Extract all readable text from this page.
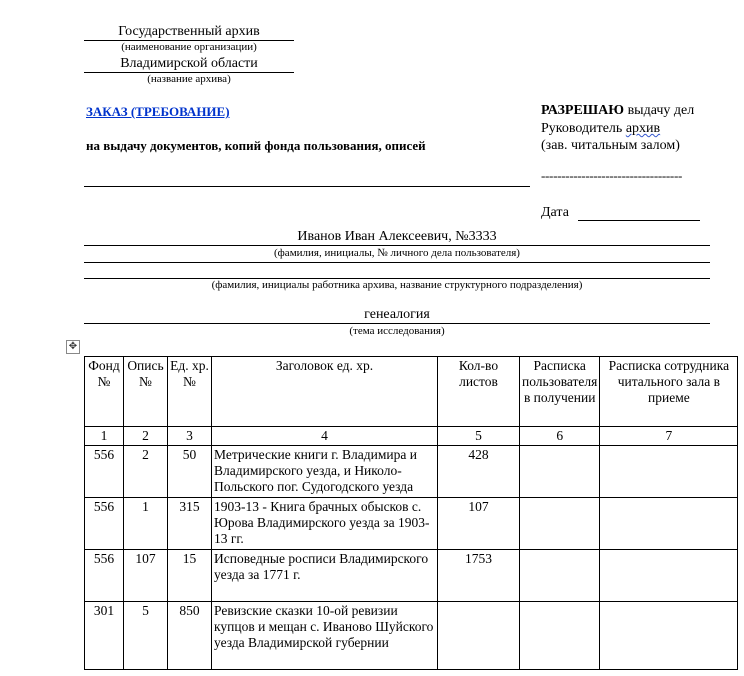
Государственный архив
(наименование организации)
Владимирской области
(название архива)
ЗАКАЗ (ТРЕБОВАНИЕ)
на выдачу документов, копий фонда пользования, описей
РАЗРЕШАЮ выдачу дел
Руководитель архив
(зав. читальным залом)
-----------------------------------
Дата
Иванов Иван Алексеевич, №3333
(фамилия, инициалы, № личного дела пользователя)
(фамилия, инициалы работника архива, название структурного подразделения)
генеалогия
(тема исследования)
✥
Фонд №	Опись №	Ед. хр. №	Заголовок ед. хр.	Кол-во листов	Расписка пользователя в получении	Расписка сотрудника читального зала в приеме
1	2	3	4	5	6	7
556	2	50	Метрические книги г. Владимира и Владимирского уезда, и Николо-Польского пог. Судогодского уезда	428		
556	1	315	1903-13 - Книга брачных обысков с. Юрова Владимирского уезда за 1903-13 гг.	107		
556	107	15	Исповедные росписи Владимирского уезда за 1771 г.	1753		
301	5	850	Ревизские сказки 10-ой ревизии купцов и мещан с. Иваново Шуйского уезда Владимирской губернии			
